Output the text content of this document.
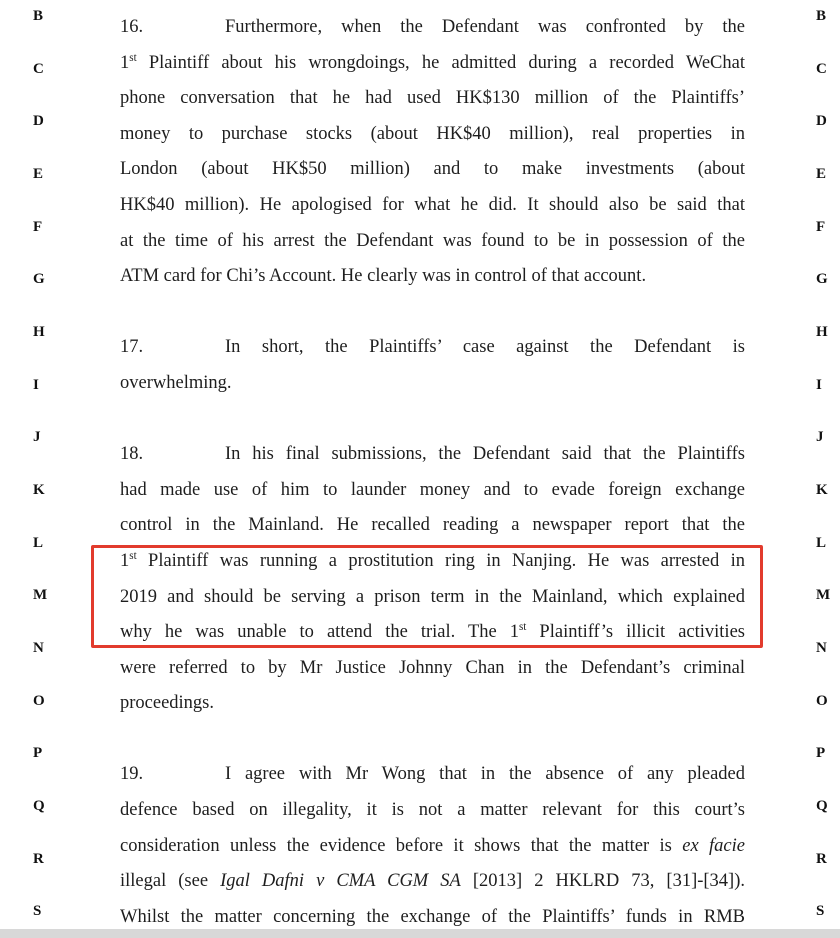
B
C
D
E
F
G
H
I
J
K
L
M
N
O
P
Q
R
S
B
C
D
E
F
G
H
I
J
K
L
M
N
O
P
Q
R
S
16.	Furthermore, when the Defendant was confronted by the
1st Plaintiff about his wrongdoings, he admitted during a recorded WeChat
phone conversation that he had used HK$130 million of the Plaintiffs’
money to purchase stocks (about HK$40 million), real properties in
London (about HK$50 million) and to make investments (about
HK$40 million). He apologised for what he did. It should also be said that
at the time of his arrest the Defendant was found to be in possession of the
ATM card for Chi’s Account. He clearly was in control of that account.
17.	In short, the Plaintiffs’ case against the Defendant is
overwhelming.
18.	In his final submissions, the Defendant said that the Plaintiffs
had made use of him to launder money and to evade foreign exchange
control in the Mainland. He recalled reading a newspaper report that the
1st Plaintiff was running a prostitution ring in Nanjing. He was arrested in
2019 and should be serving a prison term in the Mainland, which explained
why he was unable to attend the trial. The 1st Plaintiff’s illicit activities
were referred to by Mr Justice Johnny Chan in the Defendant’s criminal
proceedings.
19.	I agree with Mr Wong that in the absence of any pleaded
defence based on illegality, it is not a matter relevant for this court’s
consideration unless the evidence before it shows that the matter is ex facie
illegal (see Igal Dafni v CMA CGM SA [2013] 2 HKLRD 73, [31]-[34]).
Whilst the matter concerning the exchange of the Plaintiffs’ funds in RMB
